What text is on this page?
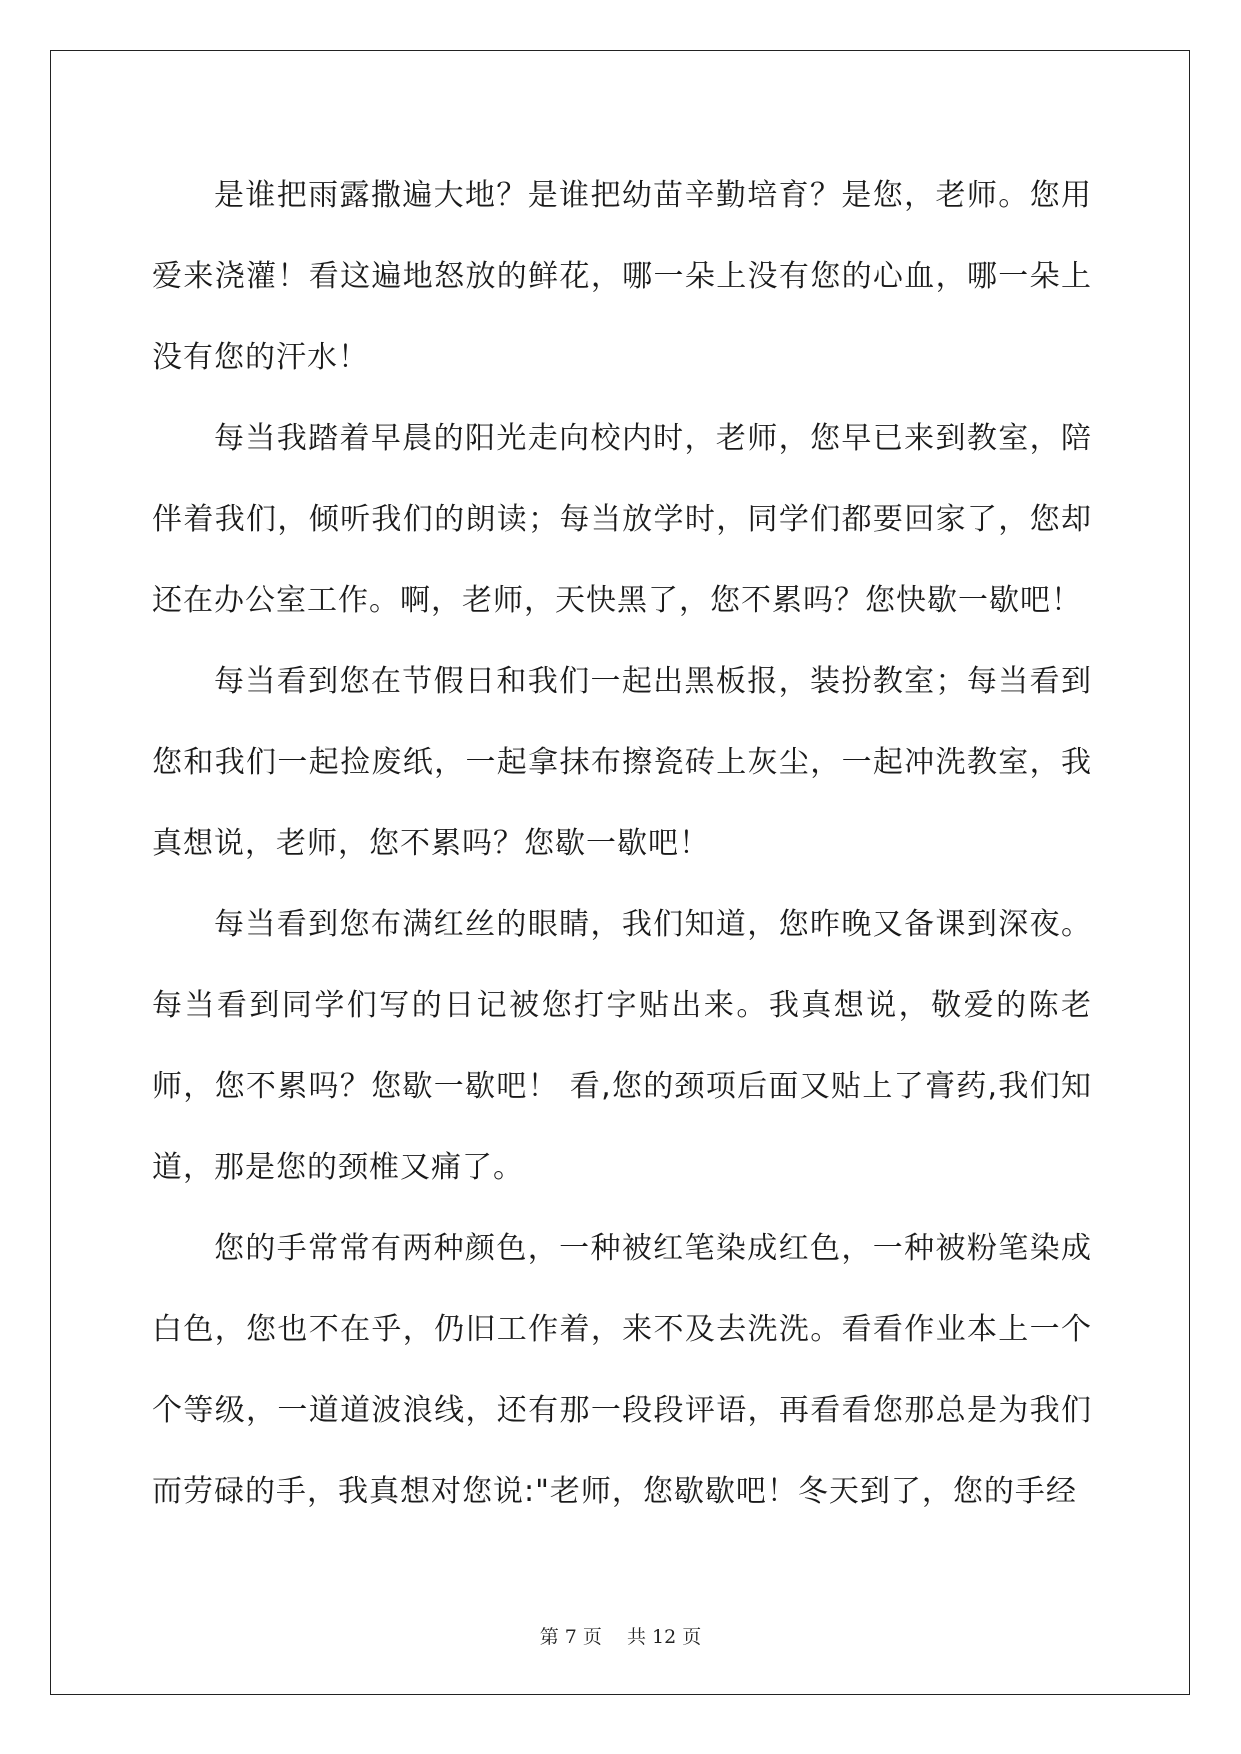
是谁把雨露撒遍大地？是谁把幼苗辛勤培育？是您，老师。您用爱来浇灌！看这遍地怒放的鲜花，哪一朵上没有您的心血，哪一朵上没有您的汗水！

每当我踏着早晨的阳光走向校内时，老师，您早已来到教室，陪伴着我们，倾听我们的朗读；每当放学时，同学们都要回家了，您却还在办公室工作。啊，老师，天快黑了，您不累吗？您快歇一歇吧！

每当看到您在节假日和我们一起出黑板报，装扮教室；每当看到您和我们一起捡废纸，一起拿抹布擦瓷砖上灰尘，一起冲洗教室，我真想说，老师，您不累吗？您歇一歇吧！

每当看到您布满红丝的眼睛，我们知道，您昨晚又备课到深夜。每当看到同学们写的日记被您打字贴出来。我真想说，敬爱的陈老师，您不累吗？您歇一歇吧！ 看,您的颈项后面又贴上了膏药,我们知道，那是您的颈椎又痛了。

您的手常常有两种颜色，一种被红笔染成红色，一种被粉笔染成白色，您也不在乎，仍旧工作着，来不及去洗洗。看看作业本上一个个等级，一道道波浪线，还有那一段段评语，再看看您那总是为我们而劳碌的手，我真想对您说:"老师，您歇歇吧！冬天到了，您的手经

第 7 页　 共 12 页
